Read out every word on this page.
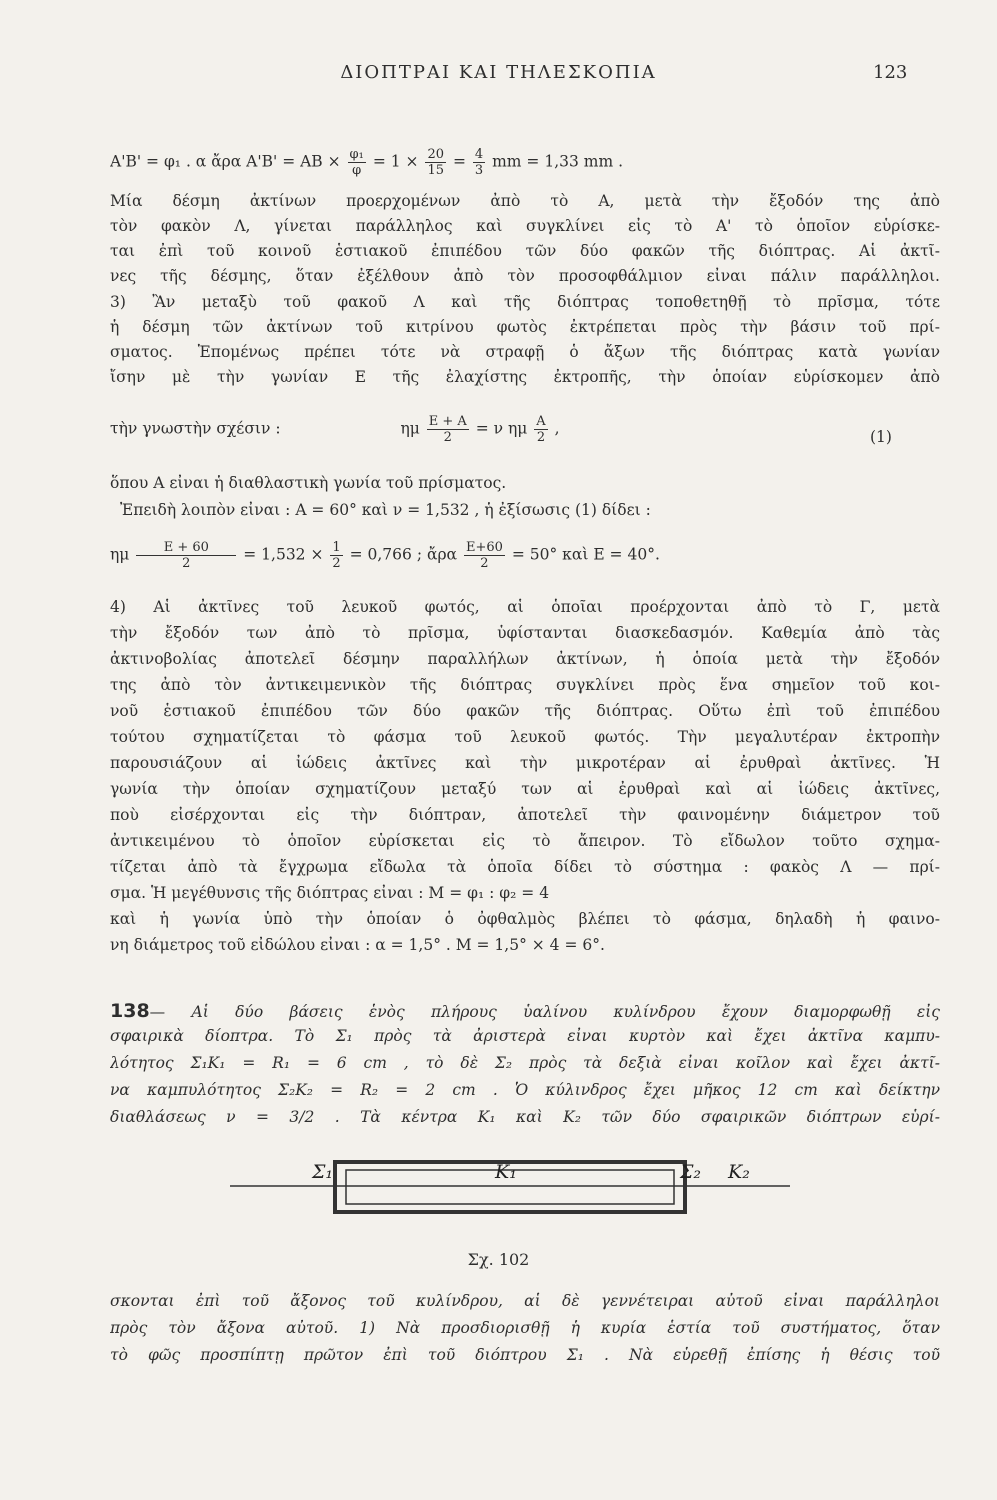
ΔΙΟΠΤΡΑΙ ΚΑΙ ΤΗΛΕΣΚΟΠΙΑ	123
Α'Β' = φ₁ . α ἄρα $A'B' = AB \times \frac{\text{φ₁}}{\varphi} = 1 \times \frac{20}{15} = \frac{4}{3}$ mm = 1,33 mm .
Μία δέσμη ἀκτίνων προερχομένων ἀπὸ τὸ Α, μετὰ τὴν ἔξοδόν της ἀπὸ
τὸν φακὸν Λ, γίνεται παράλληλος καὶ συγκλίνει εἰς τὸ Α' τὸ ὁποῖον εὑρίσκε-
ται ἐπὶ τοῦ κοινοῦ ἑστιακοῦ ἐπιπέδου τῶν δύο φακῶν τῆς διόπτρας. Αἱ ἀκτῖ-
νες τῆς δέσμης, ὅταν ἐξέλθουν ἀπὸ τὸν προσοφθάλμιον εἶναι πάλιν παράλληλοι.
3) Ἂν μεταξὺ τοῦ φακοῦ Λ καὶ τῆς διόπτρας τοποθετηθῇ τὸ πρῖσμα, τότε
ἡ δέσμη τῶν ἀκτίνων τοῦ κιτρίνου φωτὸς ἐκτρέπεται πρὸς τὴν βάσιν τοῦ πρί-
σματος. Ἑπομένως πρέπει τότε νὰ στραφῇ ὁ ἄξων τῆς διόπτρας κατὰ γωνίαν
ἴσην μὲ τὴν γωνίαν Ε τῆς ἐλαχίστης ἐκτροπῆς, τὴν ὁποίαν εὑρίσκομεν ἀπὸ
τὴν γνωστὴν σχέσιν :	ημ $\frac{E + A}{2} = \nu$ ημ $\frac{A}{2}$ ,	(1)
ὅπου Α εἶναι ἡ διαθλαστικὴ γωνία τοῦ πρίσματος.
Ἐπειδὴ λοιπὸν εἶναι : Α = 60° καὶ ν = 1,532 , ἡ ἐξίσωσις (1) δίδει :
ημ $\frac{E + 60}{2} = 1,532 \times \frac{1}{2} = 0,766$ ; ἄρα $\frac{E+60}{2} = 50^\circ$ καὶ Ε = 40°.
4) Αἱ ἀκτῖνες τοῦ λευκοῦ φωτός, αἱ ὁποῖαι προέρχονται ἀπὸ τὸ Γ, μετὰ
τὴν ἔξοδόν των ἀπὸ τὸ πρῖσμα, ὑφίστανται διασκεδασμόν. Καθεμία ἀπὸ τὰς
ἀκτινοβολίας ἀποτελεῖ δέσμην παραλλήλων ἀκτίνων, ἡ ὁποία μετὰ τὴν ἔξοδόν
της ἀπὸ τὸν ἀντικειμενικὸν τῆς διόπτρας συγκλίνει πρὸς ἕνα σημεῖον τοῦ κοι-
νοῦ ἑστιακοῦ ἐπιπέδου τῶν δύο φακῶν τῆς διόπτρας. Οὕτω ἐπὶ τοῦ ἐπιπέδου
τούτου σχηματίζεται τὸ φάσμα τοῦ λευκοῦ φωτός. Τὴν μεγαλυτέραν ἐκτροπὴν
παρουσιάζουν αἱ ἰώδεις ἀκτῖνες καὶ τὴν μικροτέραν αἱ ἐρυθραὶ ἀκτῖνες. Ἡ
γωνία τὴν ὁποίαν σχηματίζουν μεταξύ των αἱ ἐρυθραὶ καὶ αἱ ἰώδεις ἀκτῖνες,
ποὺ εἰσέρχονται εἰς τὴν διόπτραν, ἀποτελεῖ τὴν φαινομένην διάμετρον τοῦ
ἀντικειμένου τὸ ὁποῖον εὑρίσκεται εἰς τὸ ἄπειρον. Τὸ εἴδωλον τοῦτο σχημα-
τίζεται ἀπὸ τὰ ἔγχρωμα εἴδωλα τὰ ὁποῖα δίδει τὸ σύστημα : φακὸς Λ — πρί-
σμα. Ἡ μεγέθυνσις τῆς διόπτρας εἶναι : Μ = φ₁ : φ₂ = 4
καὶ ἡ γωνία ὑπὸ τὴν ὁποίαν ὁ ὀφθαλμὸς βλέπει τὸ φάσμα, δηλαδὴ ἡ φαινο-
νη διάμετρος τοῦ εἰδώλου εἶναι : α = 1,5° . Μ = 1,5° × 4 = 6°.
138— Αἱ δύο βάσεις ἑνὸς πλήρους ὑαλίνου κυλίνδρου ἔχουν διαμορφωθῇ εἰς
σφαιρικὰ δίοπτρα. Τὸ Σ₁ πρὸς τὰ ἀριστερὰ εἶναι κυρτὸν καὶ ἔχει ἀκτῖνα καμπυ-
λότητος Σ₁Κ₁ = R₁ = 6 cm , τὸ δὲ Σ₂ πρὸς τὰ δεξιὰ εἶναι κοῖλον καὶ ἔχει ἀκτῖ-
να καμπυλότητος Σ₂Κ₂ = R₂ = 2 cm . Ὁ κύλινδρος ἔχει μῆκος 12 cm καὶ δείκτην
διαθλάσεως ν = 3/2 . Τὰ κέντρα Κ₁ καὶ Κ₂ τῶν δύο σφαιρικῶν διόπτρων εὑρί-
Σ₁	Κ₁	Σ₂ Κ₂
Σχ. 102
σκονται ἐπὶ τοῦ ἄξονος τοῦ κυλίνδρου, αἱ δὲ γεννέτειραι αὐτοῦ εἶναι παράλληλοι
πρὸς τὸν ἄξονα αὐτοῦ. 1) Νὰ προσδιορισθῇ ἡ κυρία ἑστία τοῦ συστήματος, ὅταν
τὸ φῶς προσπίπτῃ πρῶτον ἐπὶ τοῦ διόπτρου Σ₁ . Νὰ εὑρεθῇ ἐπίσης ἡ θέσις τοῦ
